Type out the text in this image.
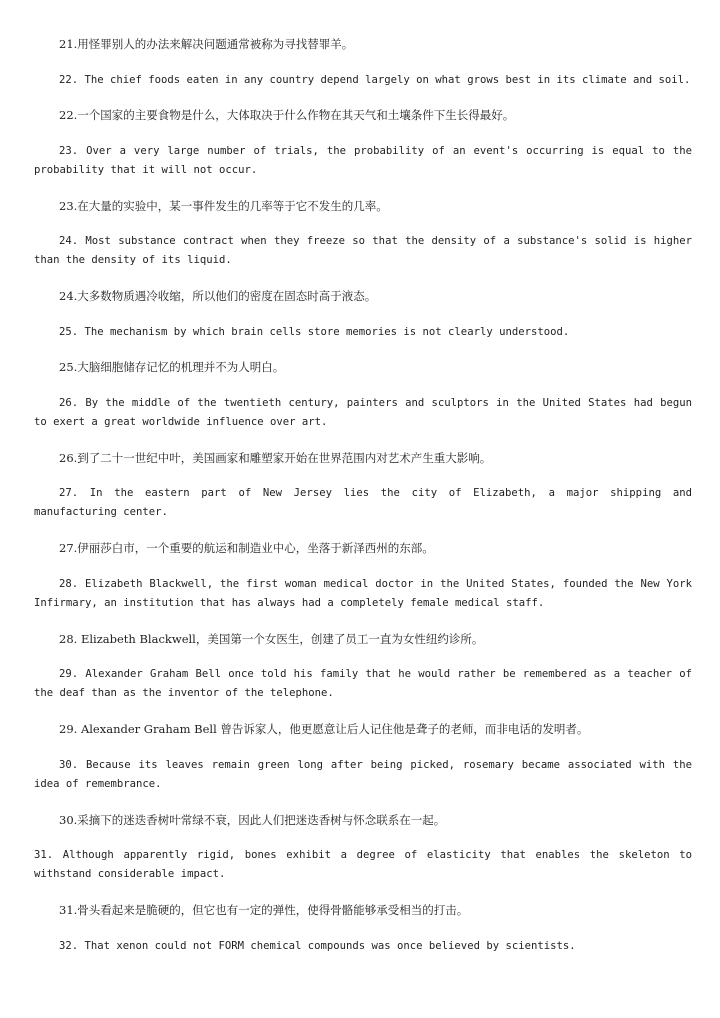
21.用怪罪别人的办法来解决问题通常被称为寻找替罪羊。

22. The chief foods eaten in any country depend largely on what grows best in its climate and soil.

22.一个国家的主要食物是什么，大体取决于什么作物在其天气和土壤条件下生长得最好。

23. Over a very large number of trials, the probability of an event's occurring is equal to the probability that it will not occur.

23.在大量的实验中，某一事件发生的几率等于它不发生的几率。

24. Most substance contract when they freeze so that the density of a substance's solid is higher than the density of its liquid.

24.大多数物质遇冷收缩，所以他们的密度在固态时高于液态。

25. The mechanism by which brain cells store memories is not clearly understood.

25.大脑细胞储存记忆的机理并不为人明白。

26. By the middle of the twentieth century, painters and sculptors in the United States had begun to exert a great worldwide influence over art.

26.到了二十一世纪中叶，美国画家和雕塑家开始在世界范围内对艺术产生重大影响。

27. In the eastern part of New Jersey lies the city of Elizabeth, a major shipping and manufacturing center.

27.伊丽莎白市，一个重要的航运和制造业中心，坐落于新泽西州的东部。

28. Elizabeth Blackwell, the first woman medical doctor in the United States, founded the New York Infirmary, an institution that has always had a completely female medical staff.

28. Elizabeth Blackwell，美国第一个女医生，创建了员工一直为女性纽约诊所。

29. Alexander Graham Bell once told his family that he would rather be remembered as a teacher of the deaf than as the inventor of the telephone.

29. Alexander Graham Bell 曾告诉家人，他更愿意让后人记住他是聋子的老师，而非电话的发明者。

30. Because its leaves remain green long after being picked, rosemary became associated with the idea of remembrance.

30.采摘下的迷迭香树叶常绿不衰，因此人们把迷迭香树与怀念联系在一起。

31. Although apparently rigid, bones exhibit a degree of elasticity that enables the skeleton to withstand considerable impact.

31.骨头看起来是脆硬的，但它也有一定的弹性，使得骨骼能够承受相当的打击。

32. That xenon could not FORM chemical compounds was once believed by scientists.
